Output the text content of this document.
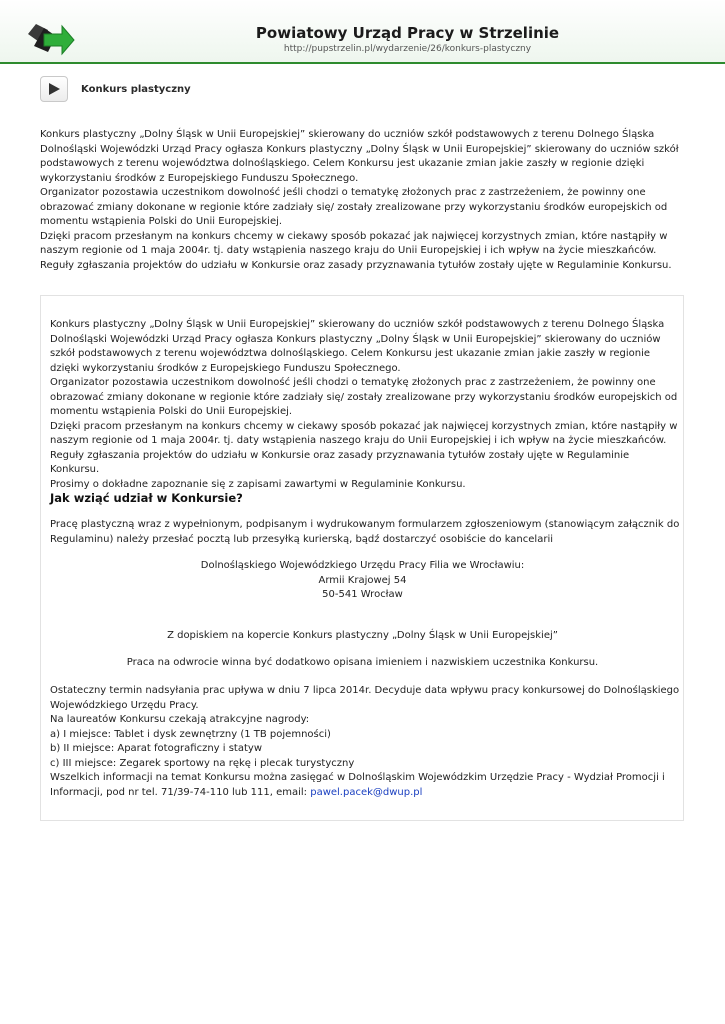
Powiatowy Urząd Pracy w Strzelinie
http://pupstrzelin.pl/wydarzenie/26/konkurs-plastyczny
Konkurs plastyczny

Konkurs plastyczny „Dolny Śląsk w Unii Europejskiej” skierowany do uczniów szkół podstawowych z terenu Dolnego Śląska

Dolnośląski Wojewódzki Urząd Pracy ogłasza Konkurs plastyczny „Dolny Śląsk w Unii Europejskiej” skierowany do uczniów szkół

podstawowych z terenu województwa dolnośląskiego. Celem Konkursu jest ukazanie zmian jakie zaszły w regionie dzięki

wykorzystaniu środków z Europejskiego Funduszu Społecznego.

Organizator pozostawia uczestnikom dowolność jeśli chodzi o tematykę złożonych prac z zastrzeżeniem, że powinny one

obrazować zmiany dokonane w regionie które zadziały się/ zostały zrealizowane przy wykorzystaniu środków europejskich od

momentu wstąpienia Polski do Unii Europejskiej.

Dzięki pracom przesłanym na konkurs chcemy w ciekawy sposób pokazać jak najwięcej korzystnych zmian, które nastąpiły w

naszym regionie od 1 maja 2004r. tj. daty wstąpienia naszego kraju do Unii Europejskiej i ich wpływ na życie mieszkańców.

Reguły zgłaszania projektów do udziału w Konkursie oraz zasady przyznawania tytułów zostały ujęte w Regulaminie Konkursu.

Konkurs plastyczny „Dolny Śląsk w Unii Europejskiej” skierowany do uczniów szkół podstawowych z terenu Dolnego Śląska

Dolnośląski Wojewódzki Urząd Pracy ogłasza Konkurs plastyczny „Dolny Śląsk w Unii Europejskiej” skierowany do uczniów

szkół podstawowych z terenu województwa dolnośląskiego. Celem Konkursu jest ukazanie zmian jakie zaszły w regionie

dzięki wykorzystaniu środków z Europejskiego Funduszu Społecznego.

Organizator pozostawia uczestnikom dowolność jeśli chodzi o tematykę złożonych prac z zastrzeżeniem, że powinny one

obrazować zmiany dokonane w regionie które zadziały się/ zostały zrealizowane przy wykorzystaniu środków europejskich od

momentu wstąpienia Polski do Unii Europejskiej.

Dzięki pracom przesłanym na konkurs chcemy w ciekawy sposób pokazać jak najwięcej korzystnych zmian, które nastąpiły w

naszym regionie od 1 maja 2004r. tj. daty wstąpienia naszego kraju do Unii Europejskiej i ich wpływ na życie mieszkańców.

Reguły zgłaszania projektów do udziału w Konkursie oraz zasady przyznawania tytułów zostały ujęte w Regulaminie Konkursu.

Prosimy o dokładne zapoznanie się z zapisami zawartymi w Regulaminie Konkursu.

Jak wziąć udział w Konkursie?

Pracę plastyczną wraz z wypełnionym, podpisanym i wydrukowanym formularzem zgłoszeniowym (stanowiącym załącznik do

Regulaminu) należy przesłać pocztą lub przesyłką kurierską, bądź dostarczyć osobiście do kancelarii

Dolnośląskiego Wojewódzkiego Urzędu Pracy Filia we Wrocławiu:

Armii Krajowej 54

50-541 Wrocław

Z dopiskiem na kopercie Konkurs plastyczny „Dolny Śląsk w Unii Europejskiej”

Praca na odwrocie winna być dodatkowo opisana imieniem i nazwiskiem uczestnika Konkursu.

Ostateczny termin nadsyłania prac upływa w dniu 7 lipca 2014r. Decyduje data wpływu pracy konkursowej do Dolnośląskiego

Wojewódzkiego Urzędu Pracy.

Na laureatów Konkursu czekają atrakcyjne nagrody:

a) I miejsce: Tablet i dysk zewnętrzny (1 TB pojemności)

b) II miejsce: Aparat fotograficzny i statyw

c) III miejsce: Zegarek sportowy na rękę i plecak turystyczny

Wszelkich informacji na temat Konkursu można zasięgać w Dolnośląskim Wojewódzkim Urzędzie Pracy - Wydział Promocji i

Informacji, pod nr tel. 71/39-74-110 lub 111, email: pawel.pacek@dwup.pl
